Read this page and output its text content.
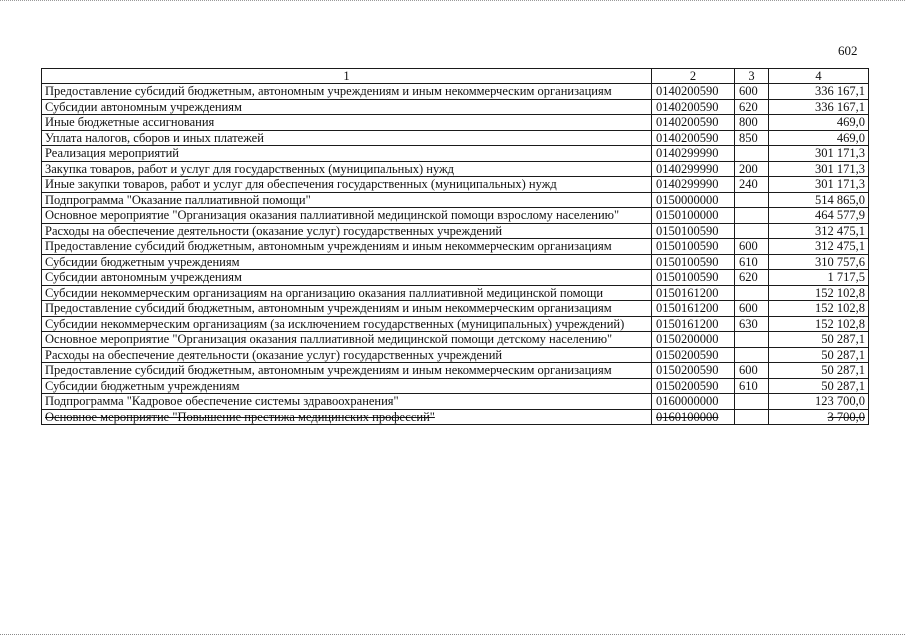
602
1	2	3	4
Предоставление субсидий бюджетным, автономным учреждениям и иным некоммерческим организациям	0140200590	600	336 167,1
Субсидии автономным учреждениям	0140200590	620	336 167,1
Иные бюджетные ассигнования	0140200590	800	469,0
Уплата налогов, сборов и иных платежей	0140200590	850	469,0
Реализация мероприятий	0140299990		301 171,3
Закупка товаров, работ и услуг для государственных (муниципальных) нужд	0140299990	200	301 171,3
Иные закупки товаров, работ и услуг для обеспечения государственных (муниципальных) нужд	0140299990	240	301 171,3
Подпрограмма "Оказание паллиативной помощи"	0150000000		514 865,0
Основное мероприятие "Организация оказания паллиативной медицинской помощи взрослому населению"	0150100000		464 577,9
Расходы на обеспечение деятельности (оказание услуг) государственных учреждений	0150100590		312 475,1
Предоставление субсидий бюджетным, автономным учреждениям и иным некоммерческим организациям	0150100590	600	312 475,1
Субсидии бюджетным учреждениям	0150100590	610	310 757,6
Субсидии автономным учреждениям	0150100590	620	1 717,5
Субсидии некоммерческим организациям на организацию оказания паллиативной медицинской помощи	0150161200		152 102,8
Предоставление субсидий бюджетным, автономным учреждениям и иным некоммерческим организациям	0150161200	600	152 102,8
Субсидии некоммерческим организациям (за исключением государственных (муниципальных) учреждений)	0150161200	630	152 102,8
Основное мероприятие "Организация оказания паллиативной медицинской помощи детскому населению"	0150200000		50 287,1
Расходы на обеспечение деятельности (оказание услуг) государственных учреждений	0150200590		50 287,1
Предоставление субсидий бюджетным, автономным учреждениям и иным некоммерческим организациям	0150200590	600	50 287,1
Субсидии бюджетным учреждениям	0150200590	610	50 287,1
Подпрограмма "Кадровое обеспечение системы здравоохранения"	0160000000		123 700,0
Основное мероприятие "Повышение престижа медицинских профессий"	0160100000		3 700,0
